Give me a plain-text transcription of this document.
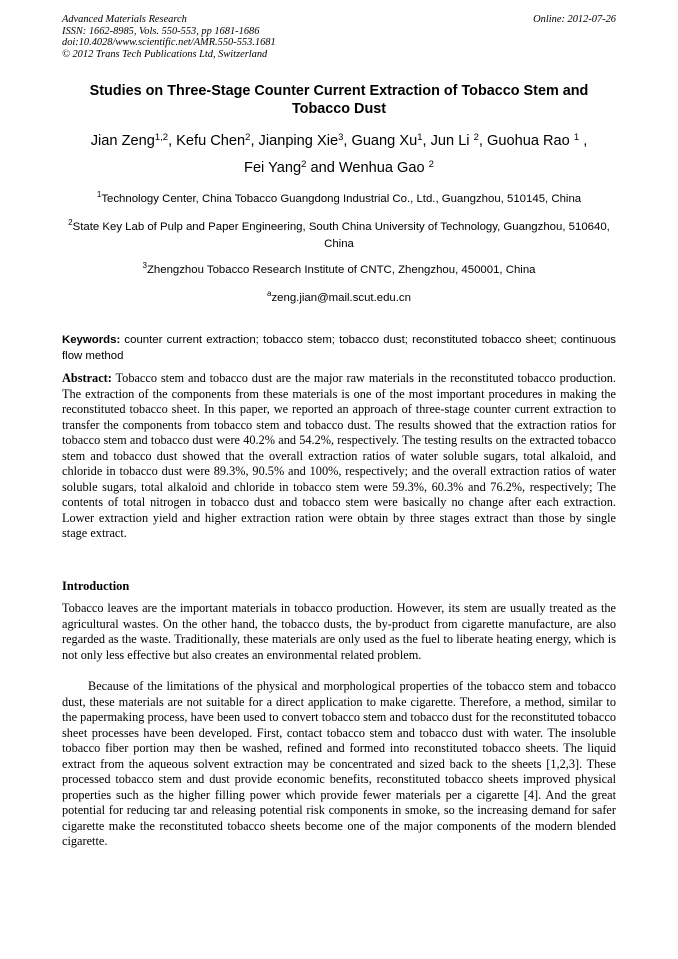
Advanced Materials Research
ISSN: 1662-8985, Vols. 550-553, pp 1681-1686
doi:10.4028/www.scientific.net/AMR.550-553.1681
© 2012 Trans Tech Publications Ltd, Switzerland
Online: 2012-07-26
Studies on Three-Stage Counter Current Extraction of Tobacco Stem and
Tobacco Dust
Jian Zeng$^{1,2}$, Kefu Chen$^2$, Jianping Xie$^3$, Guang Xu$^1$, Jun Li $^2$, Guohua Rao $^1$ ,
Fei Yang$^2$ and Wenhua Gao $^2$
$^1$Technology Center, China Tobacco Guangdong Industrial Co., Ltd., Guangzhou, 510145, China
$^2$State Key Lab of Pulp and Paper Engineering, South China University of Technology, Guangzhou, 510640, China
$^3$Zhengzhou Tobacco Research Institute of CNTC, Zhengzhou, 450001, China
$^a$zeng.jian@mail.scut.edu.cn
Keywords: counter current extraction; tobacco stem; tobacco dust; reconstituted tobacco sheet; continuous flow method
Abstract: Tobacco stem and tobacco dust are the major raw materials in the reconstituted tobacco production. The extraction of the components from these materials is one of the most important procedures in making the reconstituted tobacco sheet. In this paper, we reported an approach of three-stage counter current extraction to transfer the components from tobacco stem and tobacco dust. The results showed that the extraction ratios for tobacco stem and tobacco dust were 40.2% and 54.2%, respectively. The testing results on the extracted tobacco stem and tobacco dust showed that the overall extraction ratios of water soluble sugars, total alkaloid, and chloride in tobacco dust were 89.3%, 90.5% and 100%, respectively; and the overall extraction ratios of water soluble sugars, total alkaloid and chloride in tobacco stem were 59.3%, 60.3% and 76.2%, respectively; The contents of total nitrogen in tobacco dust and tobacco stem were basically no change after each extraction. Lower extraction yield and higher extraction ration were obtain by three stages extract than those by single stage extract.
Introduction

Tobacco leaves are the important materials in tobacco production. However, its stem are usually treated as the agricultural wastes. On the other hand, the tobacco dusts, the by-product from cigarette manufacture, are also regarded as the waste. Traditionally, these materials are only used as the fuel to liberate heating energy, which is not only less effective but also creates an environmental related problem.

Because of the limitations of the physical and morphological properties of the tobacco stem and tobacco dust, these materials are not suitable for a direct application to make cigarette. Therefore, a method, similar to the papermaking process, have been used to convert tobacco stem and tobacco dust for the reconstituted tobacco sheet processes have been developed. First, contact tobacco stem and tobacco dust with water. The insoluble tobacco fiber portion may then be washed, refined and formed into reconstituted tobacco sheets. The liquid extract from the aqueous solvent extraction may be concentrated and sized back to the sheets [1,2,3]. These processed tobacco stem and dust provide economic benefits, reconstituted tobacco sheets improved physical properties such as the higher filling power which provide fewer materials per a cigarette [4]. And the great potential for reducing tar and releasing potential risk components in smoke, so the increasing demand for safer cigarette make the reconstituted tobacco sheets become one of the major components of the modern blended cigarette.
